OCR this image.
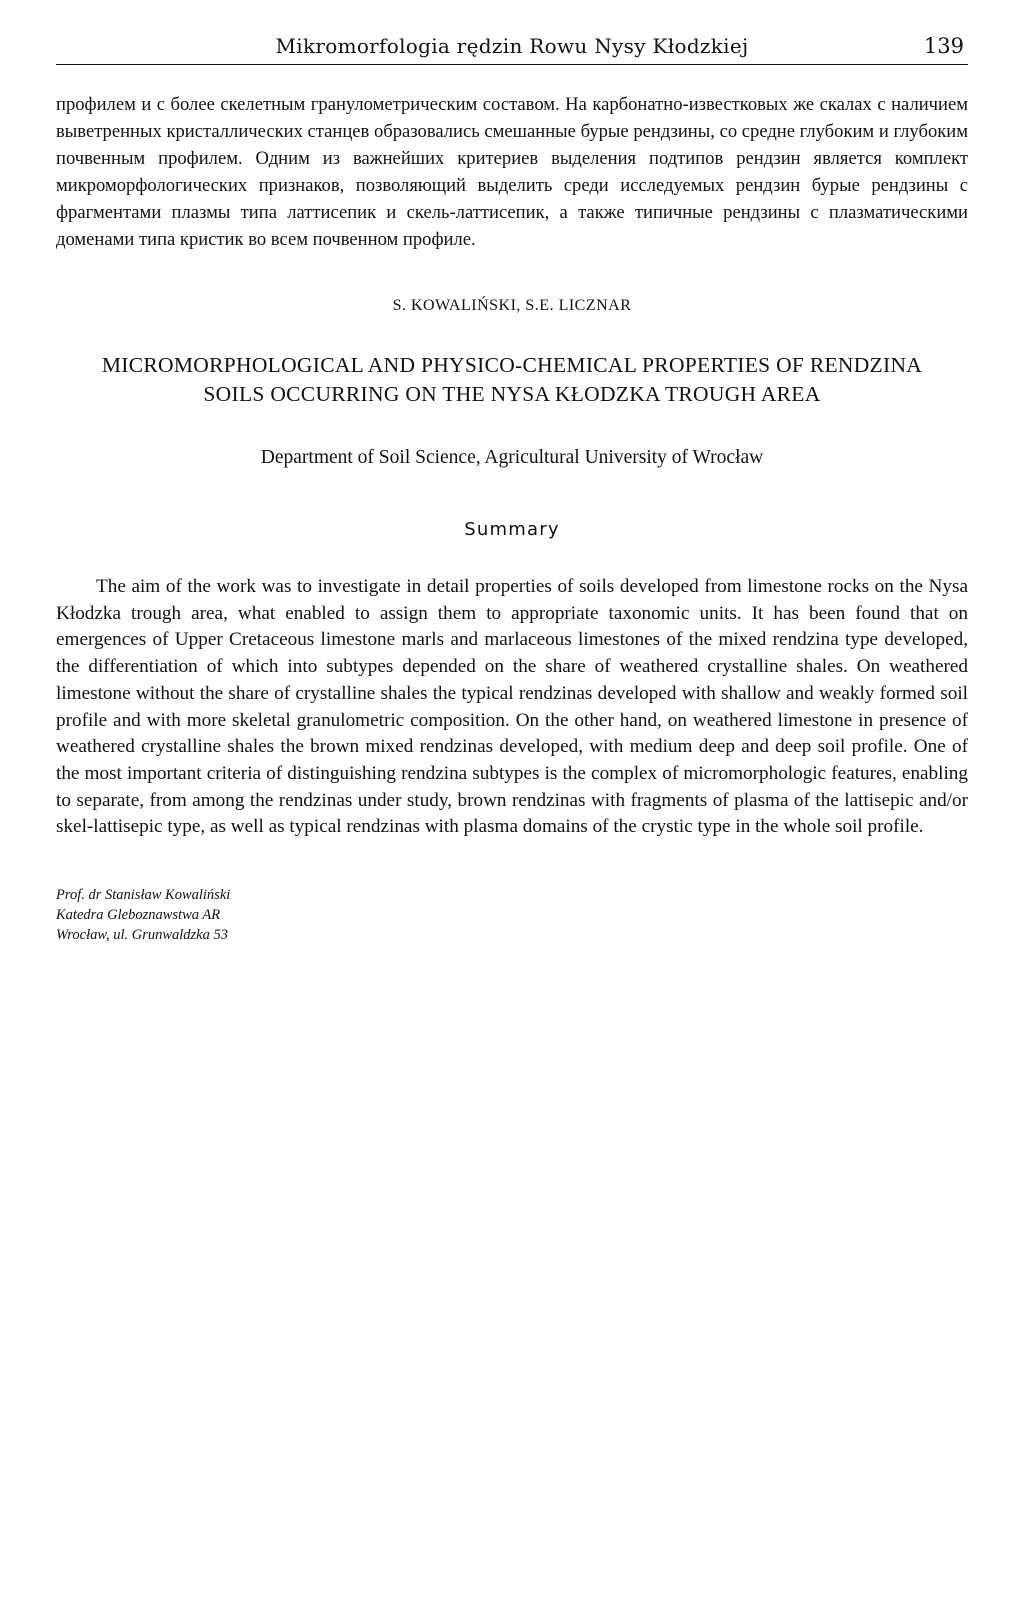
Mikromorfologia rędzin Rowu Nysy Kłodzkiej	139

профилем и с более скелетным гранулометрическим составом. На карбонатно-известковых же скалах с наличием выветренных кристаллических станцев образовались смешанные бурые рендзины, со средне глубоким и глубоким почвенным профилем. Одним из важнейших критериев выделения подтипов рендзин является комплект микроморфологических признаков, позволяющий выделить среди исследуемых рендзин бурые рендзины с фрагментами плазмы типа латтисепик и скель-латтисепик, а также типичные рендзины с плазматическими доменами типа кристик во всем почвенном профиле.

S. KOWALIŃSKI, S.E. LICZNAR
MICROMORPHOLOGICAL AND PHYSICO-CHEMICAL PROPERTIES OF RENDZINA
SOILS OCCURRING ON THE NYSA KŁODZKA TROUGH AREA
Department of Soil Science, Agricultural University of Wrocław
Summary

The aim of the work was to investigate in detail properties of soils developed from limestone rocks on the Nysa Kłodzka trough area, what enabled to assign them to appropriate taxonomic units. It has been found that on emergences of Upper Cretaceous limestone marls and marlaceous limestones of the mixed rendzina type developed, the differentiation of which into subtypes depended on the share of weathered crystalline shales. On weathered limestone without the share of crystalline shales the typical rendzinas developed with shallow and weakly formed soil profile and with more skeletal granulometric composition. On the other hand, on weathered limestone in presence of weathered crystalline shales the brown mixed rendzinas developed, with medium deep and deep soil profile. One of the most important criteria of distinguishing rendzina subtypes is the complex of micromorphologic features, enabling to separate, from among the rendzinas under study, brown rendzinas with fragments of plasma of the lattisepic and/or skel-lattisepic type, as well as typical rendzinas with plasma domains of the crystic type in the whole soil profile.

Prof. dr Stanisław Kowaliński
Katedra Gleboznawstwa AR
Wrocław, ul. Grunwaldzka 53
